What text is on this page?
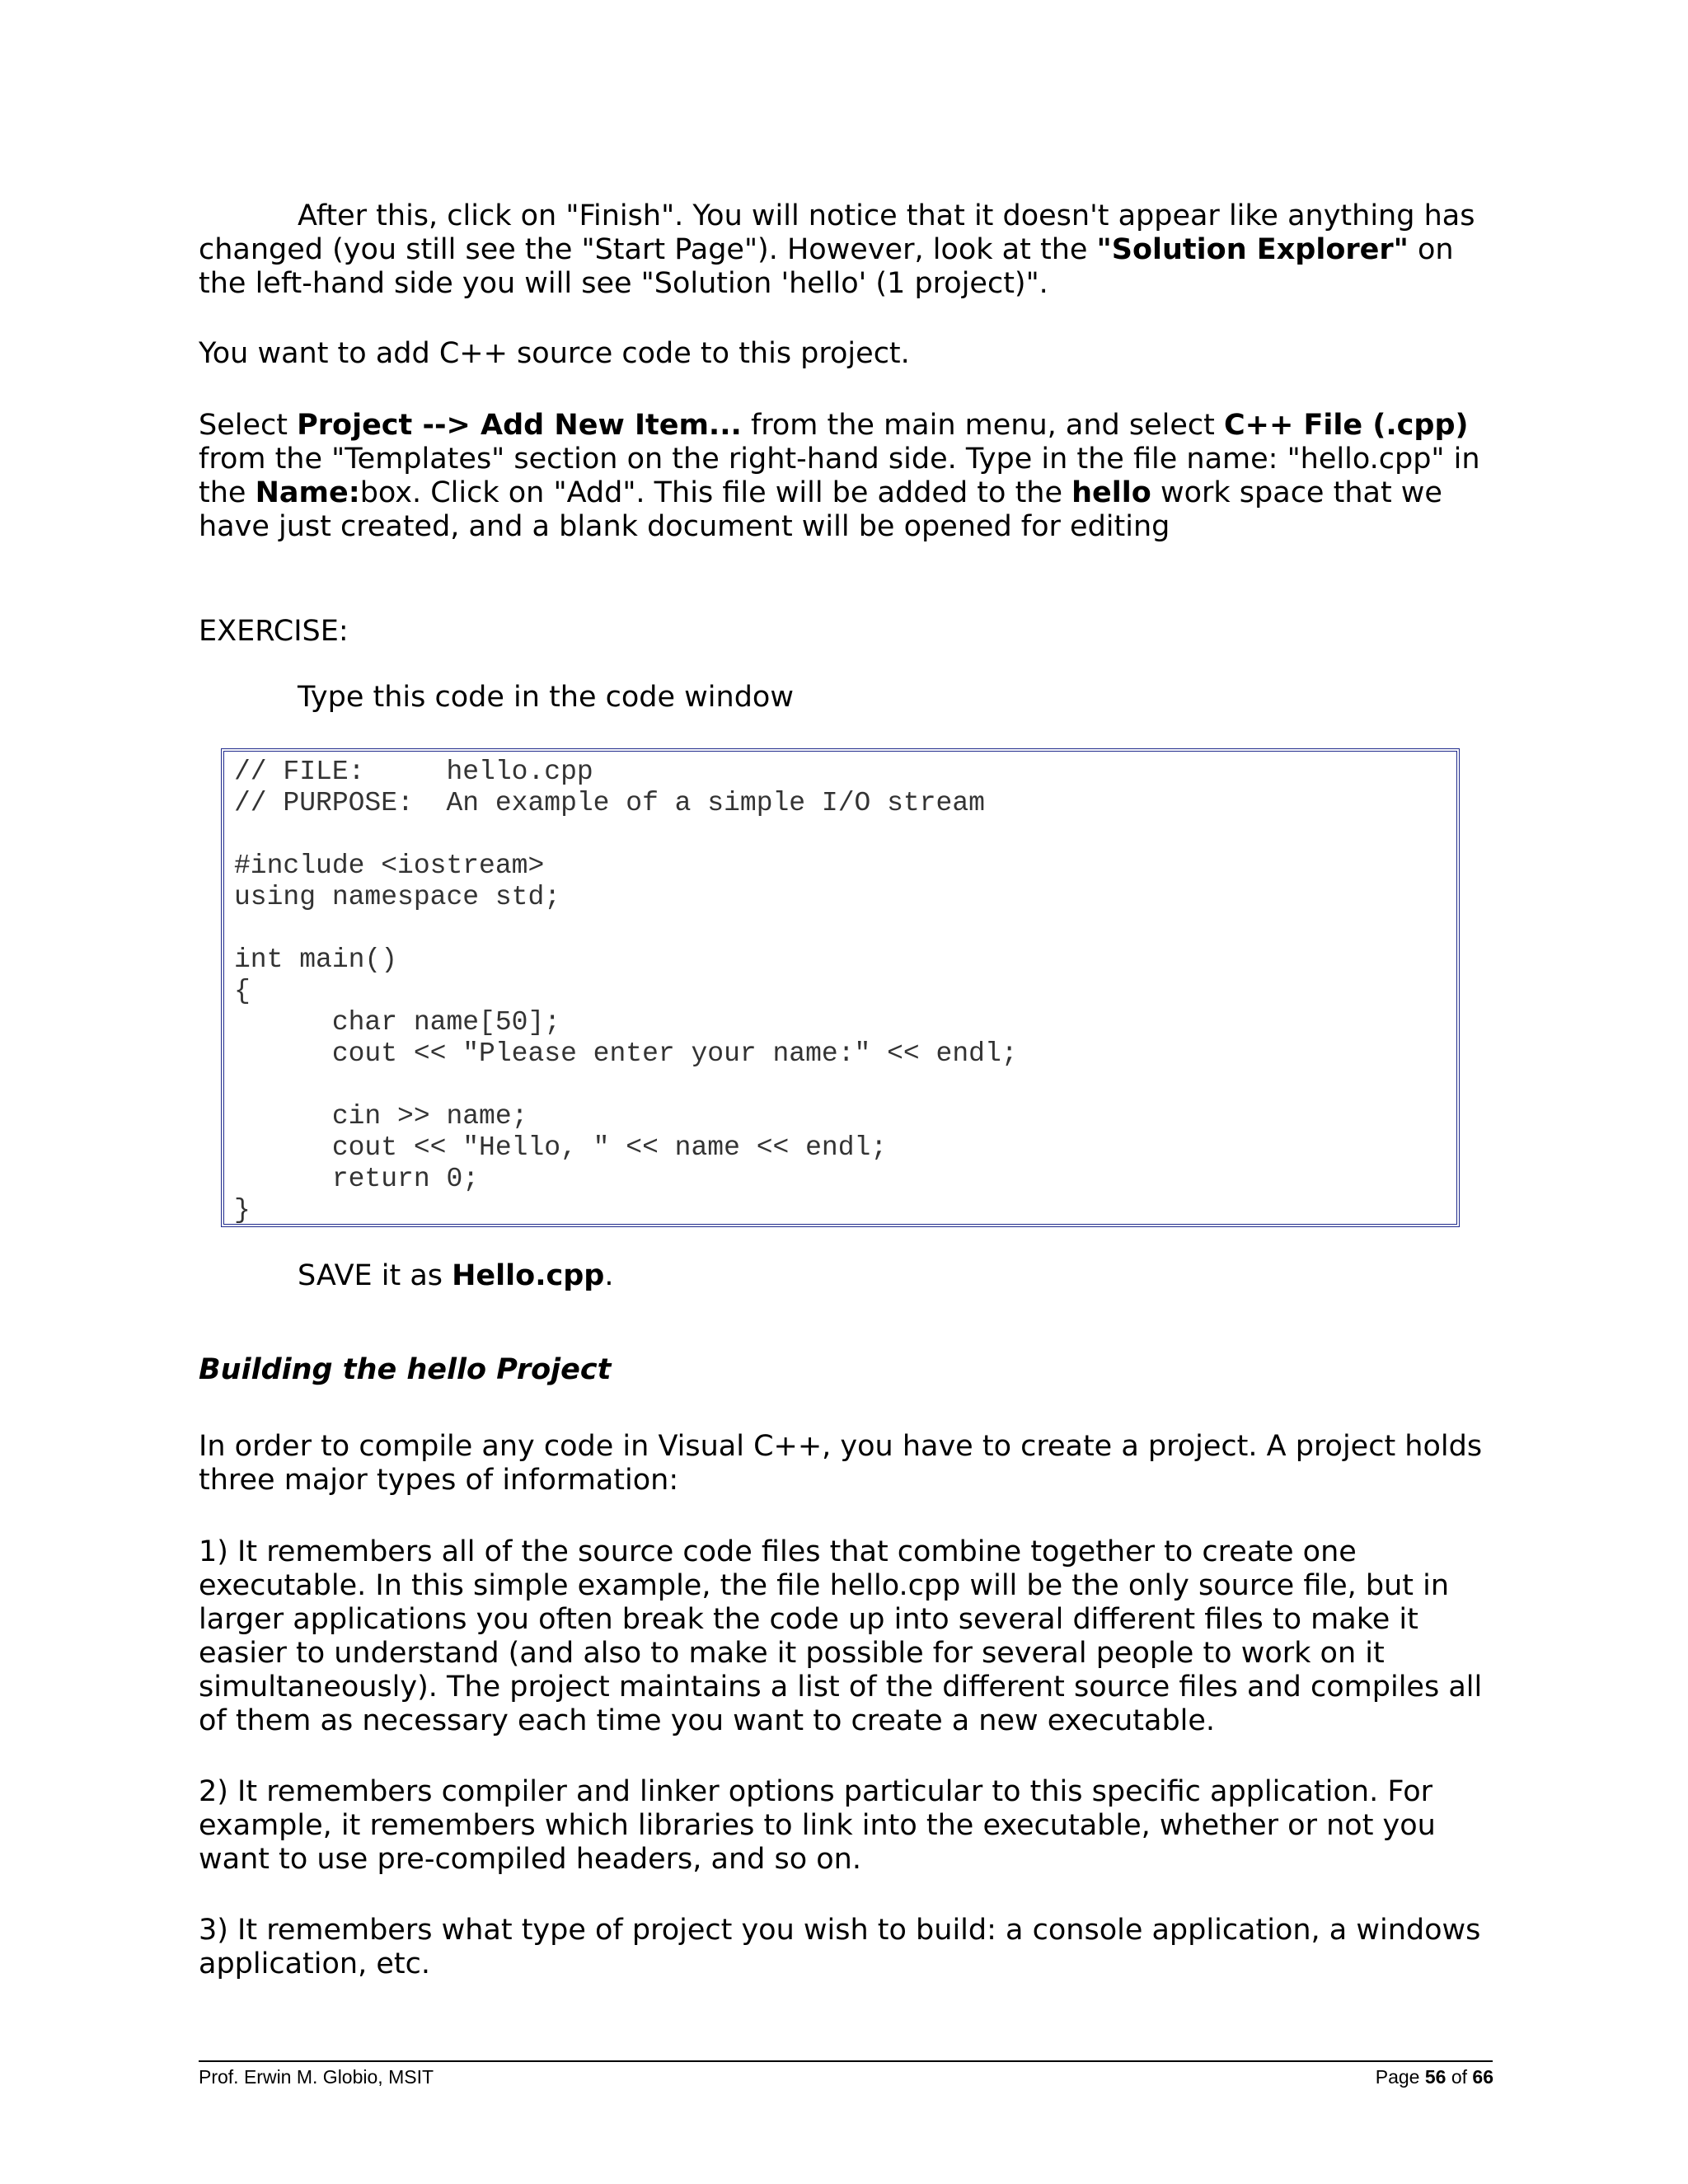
After this, click on "Finish". You will notice that it doesn't appear like anything has changed (you still see the "Start Page"). However, look at the "Solution Explorer" on the left-hand side you will see "Solution 'hello' (1 project)".

You want to add C++ source code to this project.

Select Project --> Add New Item... from the main menu, and select C++ File (.cpp) from the "Templates" section on the right-hand side. Type in the file name: "hello.cpp" in the Name:box. Click on "Add". This file will be added to the hello work space that we have just created, and a blank document will be opened for editing

EXERCISE:

Type this code in the code window

// FILE:     hello.cpp
// PURPOSE:  An example of a simple I/O stream

#include <iostream>
using namespace std;

int main()
{
char name[50];
cout << "Please enter your name:" << endl;

cin >> name;
cout << "Hello, " << name << endl;
return 0;
}

SAVE it as Hello.cpp.

Building the hello Project

In order to compile any code in Visual C++, you have to create a project. A project holds three major types of information:

1) It remembers all of the source code files that combine together to create one executable. In this simple example, the file hello.cpp will be the only source file, but in larger applications you often break the code up into several different files to make it easier to understand (and also to make it possible for several people to work on it simultaneously). The project maintains a list of the different source files and compiles all of them as necessary each time you want to create a new executable.

2) It remembers compiler and linker options particular to this specific application. For example, it remembers which libraries to link into the executable, whether or not you want to use pre-compiled headers, and so on.

3) It remembers what type of project you wish to build: a console application, a windows application, etc.

Prof. Erwin M. Globio, MSIT	Page 56 of 66
